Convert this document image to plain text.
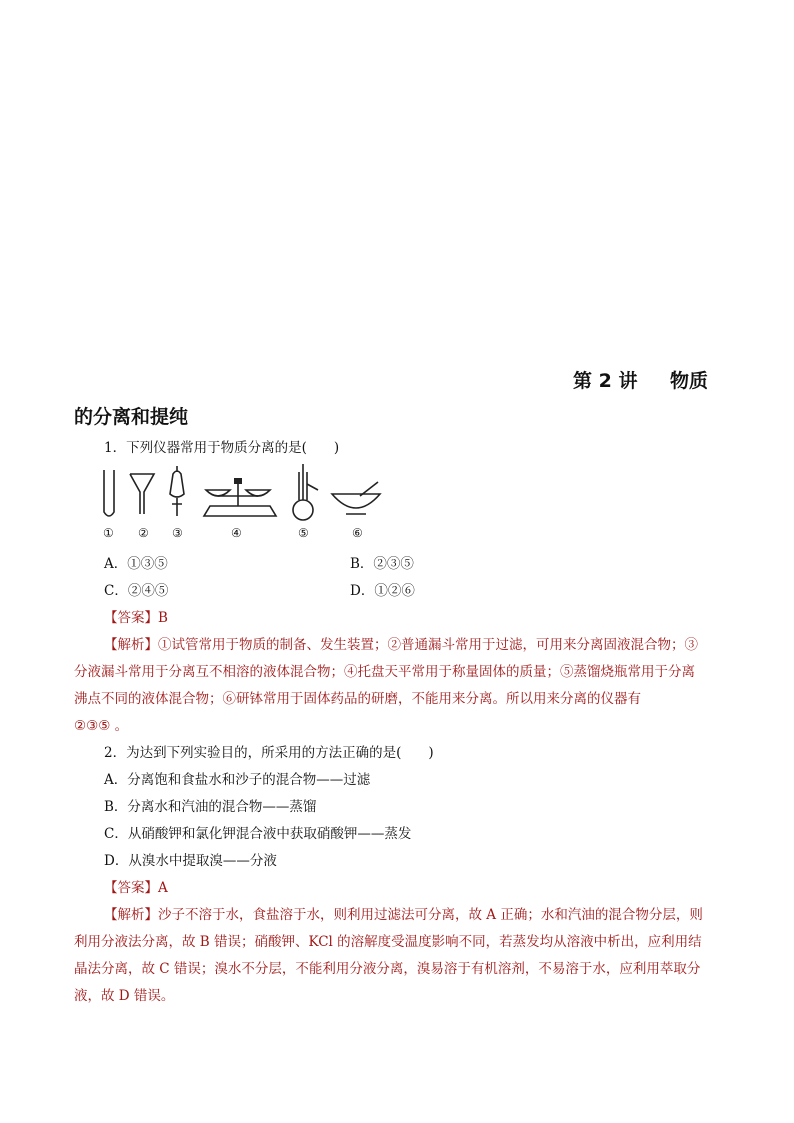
第 2 讲 物质
的分离和提纯
1．下列仪器常用于物质分离的是(　　)
① ② ③	④	⑤	⑥
A．①③⑤	B．②③⑤
C．②④⑤	D．①②⑥
【答案】B
【解析】①试管常用于物质的制备、发生装置；②普通漏斗常用于过滤，可用来分离固液混合物；③
分液漏斗常用于分离互不相溶的液体混合物；④托盘天平常用于称量固体的质量；⑤蒸馏烧瓶常用于分离
沸点不同的液体混合物；⑥研钵常用于固体药品的研磨，不能用来分离。所以用来分离的仪器有
②③⑤ 。
2．为达到下列实验目的，所采用的方法正确的是(　　)
A．分离饱和食盐水和沙子的混合物——过滤
B．分离水和汽油的混合物——蒸馏
C．从硝酸钾和氯化钾混合液中获取硝酸钾——蒸发
D．从溴水中提取溴——分液
【答案】A
【解析】沙子不溶于水，食盐溶于水，则利用过滤法可分离，故 A 正确；水和汽油的混合物分层，则
利用分液法分离，故 B 错误；硝酸钾、KCl 的溶解度受温度影响不同，若蒸发均从溶液中析出，应利用结
晶法分离，故 C 错误；溴水不分层，不能利用分液分离，溴易溶于有机溶剂，不易溶于水，应利用萃取分
液，故 D 错误。
